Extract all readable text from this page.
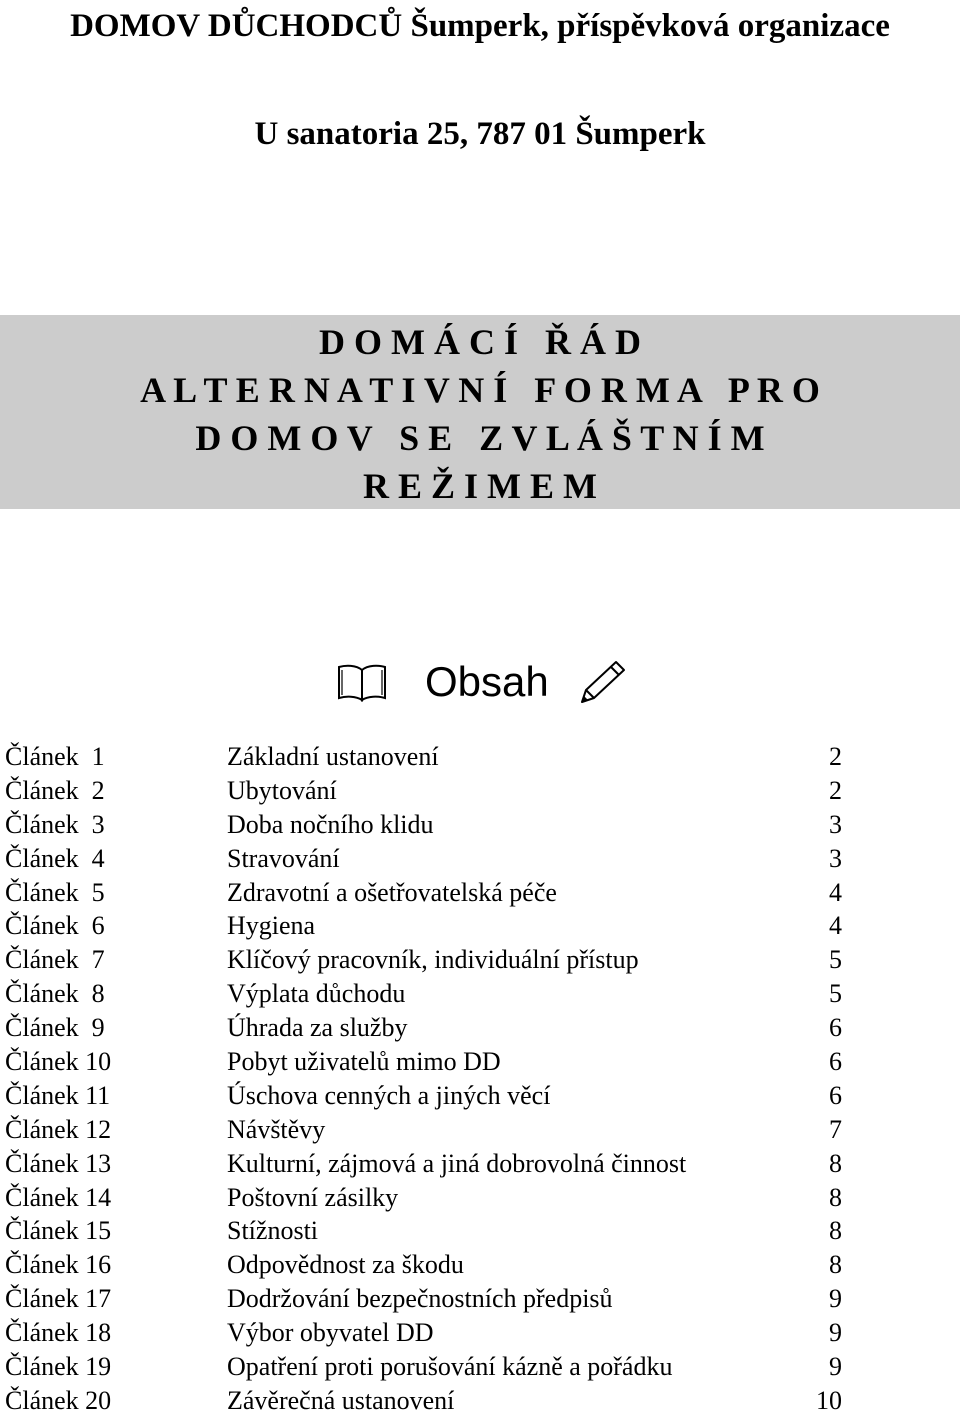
DOMOV DŮCHODCŮ Šumperk, příspěvková organizace
U sanatoria 25, 787 01 Šumperk
D O M Á C Í   Ř Á D
A L T E R N A T I V N Í   F O R M A   P R O
D O M O V   S E   Z V L Á Š T N Í M
R E Ž I M E M
Obsah
Článek  1	Základní ustanovení	2
Článek  2	Ubytování	2
Článek  3	Doba nočního klidu	3
Článek  4	Stravování	3
Článek  5	Zdravotní a ošetřovatelská péče	4
Článek  6	Hygiena	4
Článek  7	Klíčový pracovník, individuální přístup	5
Článek  8	Výplata důchodu	5
Článek  9	Úhrada za služby	6
Článek 10	Pobyt uživatelů mimo DD	6
Článek 11	Úschova cenných a jiných věcí	6
Článek 12	Návštěvy	7
Článek 13	Kulturní, zájmová a jiná dobrovolná činnost	8
Článek 14	Poštovní zásilky	8
Článek 15	Stížnosti	8
Článek 16	Odpovědnost za škodu	8
Článek 17	Dodržování bezpečnostních předpisů	9
Článek 18	Výbor obyvatel DD	9
Článek 19	Opatření proti porušování kázně a pořádku	9
Článek 20	Závěrečná ustanovení	10
